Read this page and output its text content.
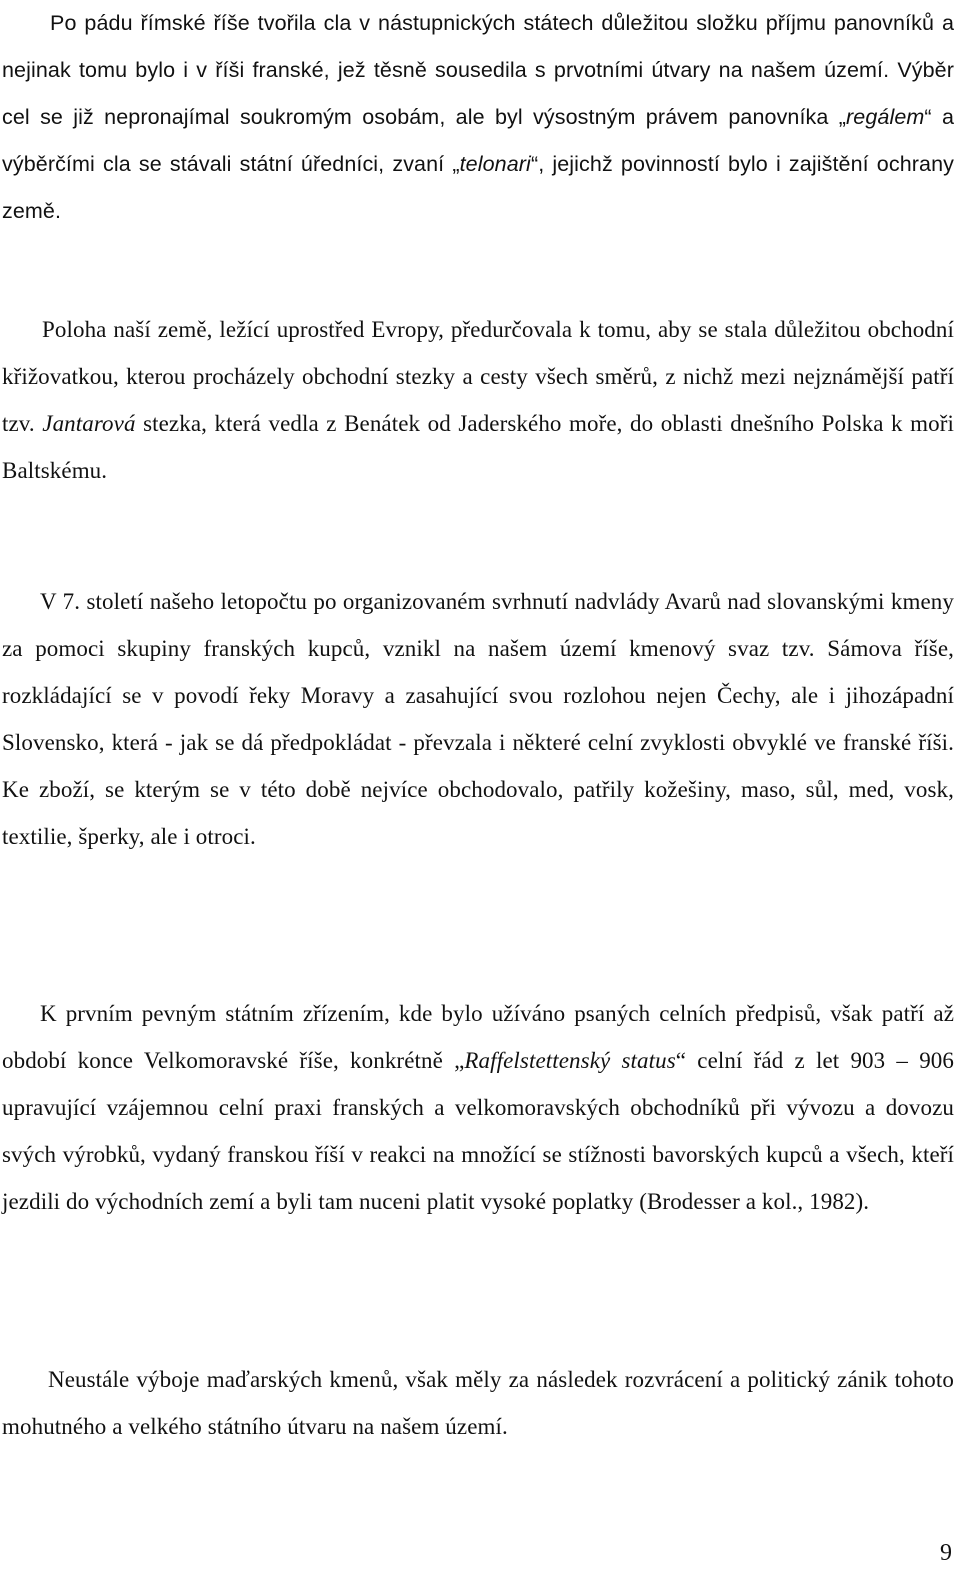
Po pádu římské říše tvořila cla v nástupnických státech důležitou složku příjmu panovníků a nejinak tomu bylo i v říši franské, jež těsně sousedila s prvotními útvary na našem území. Výběr cel se již nepronajímal soukromým osobám, ale byl výsostným právem panovníka „regálem“ a výběrčími cla se stávali státní úředníci, zvaní „telonari“, jejichž povinností bylo i zajištění ochrany země.

Poloha naší země, ležící uprostřed Evropy, předurčovala k tomu, aby se stala důležitou obchodní křižovatkou, kterou procházely obchodní stezky a cesty všech směrů, z nichž mezi nejznámější patří tzv. Jantarová stezka, která vedla z Benátek od Jaderského moře, do oblasti dnešního Polska k moři Baltskému.

V 7. století našeho letopočtu po organizovaném svrhnutí nadvlády Avarů nad slovanskými kmeny za pomoci skupiny franských kupců, vznikl na našem území kmenový svaz tzv. Sámova říše, rozkládající se v povodí řeky Moravy a zasahující svou rozlohou nejen Čechy, ale i jihozápadní Slovensko, která - jak se dá předpokládat - převzala i některé celní zvyklosti obvyklé ve franské říši. Ke zboží, se kterým se v této době nejvíce obchodovalo, patřily kožešiny, maso, sůl, med, vosk, textilie, šperky, ale i otroci.

K prvním pevným státním zřízením, kde bylo užíváno psaných celních předpisů, však patří až období konce Velkomoravské říše, konkrétně „Raffelstettenský status“ celní řád z let 903 – 906 upravující vzájemnou celní praxi franských a velkomoravských obchodníků při vývozu a dovozu svých výrobků, vydaný franskou říší v reakci na množící se stížnosti bavorských kupců a všech, kteří jezdili do východních zemí a byli tam nuceni platit vysoké poplatky (Brodesser a kol., 1982).

Neustále výboje maďarských kmenů, však měly za následek rozvrácení a politický zánik tohoto mohutného a velkého státního útvaru na našem území.

9
